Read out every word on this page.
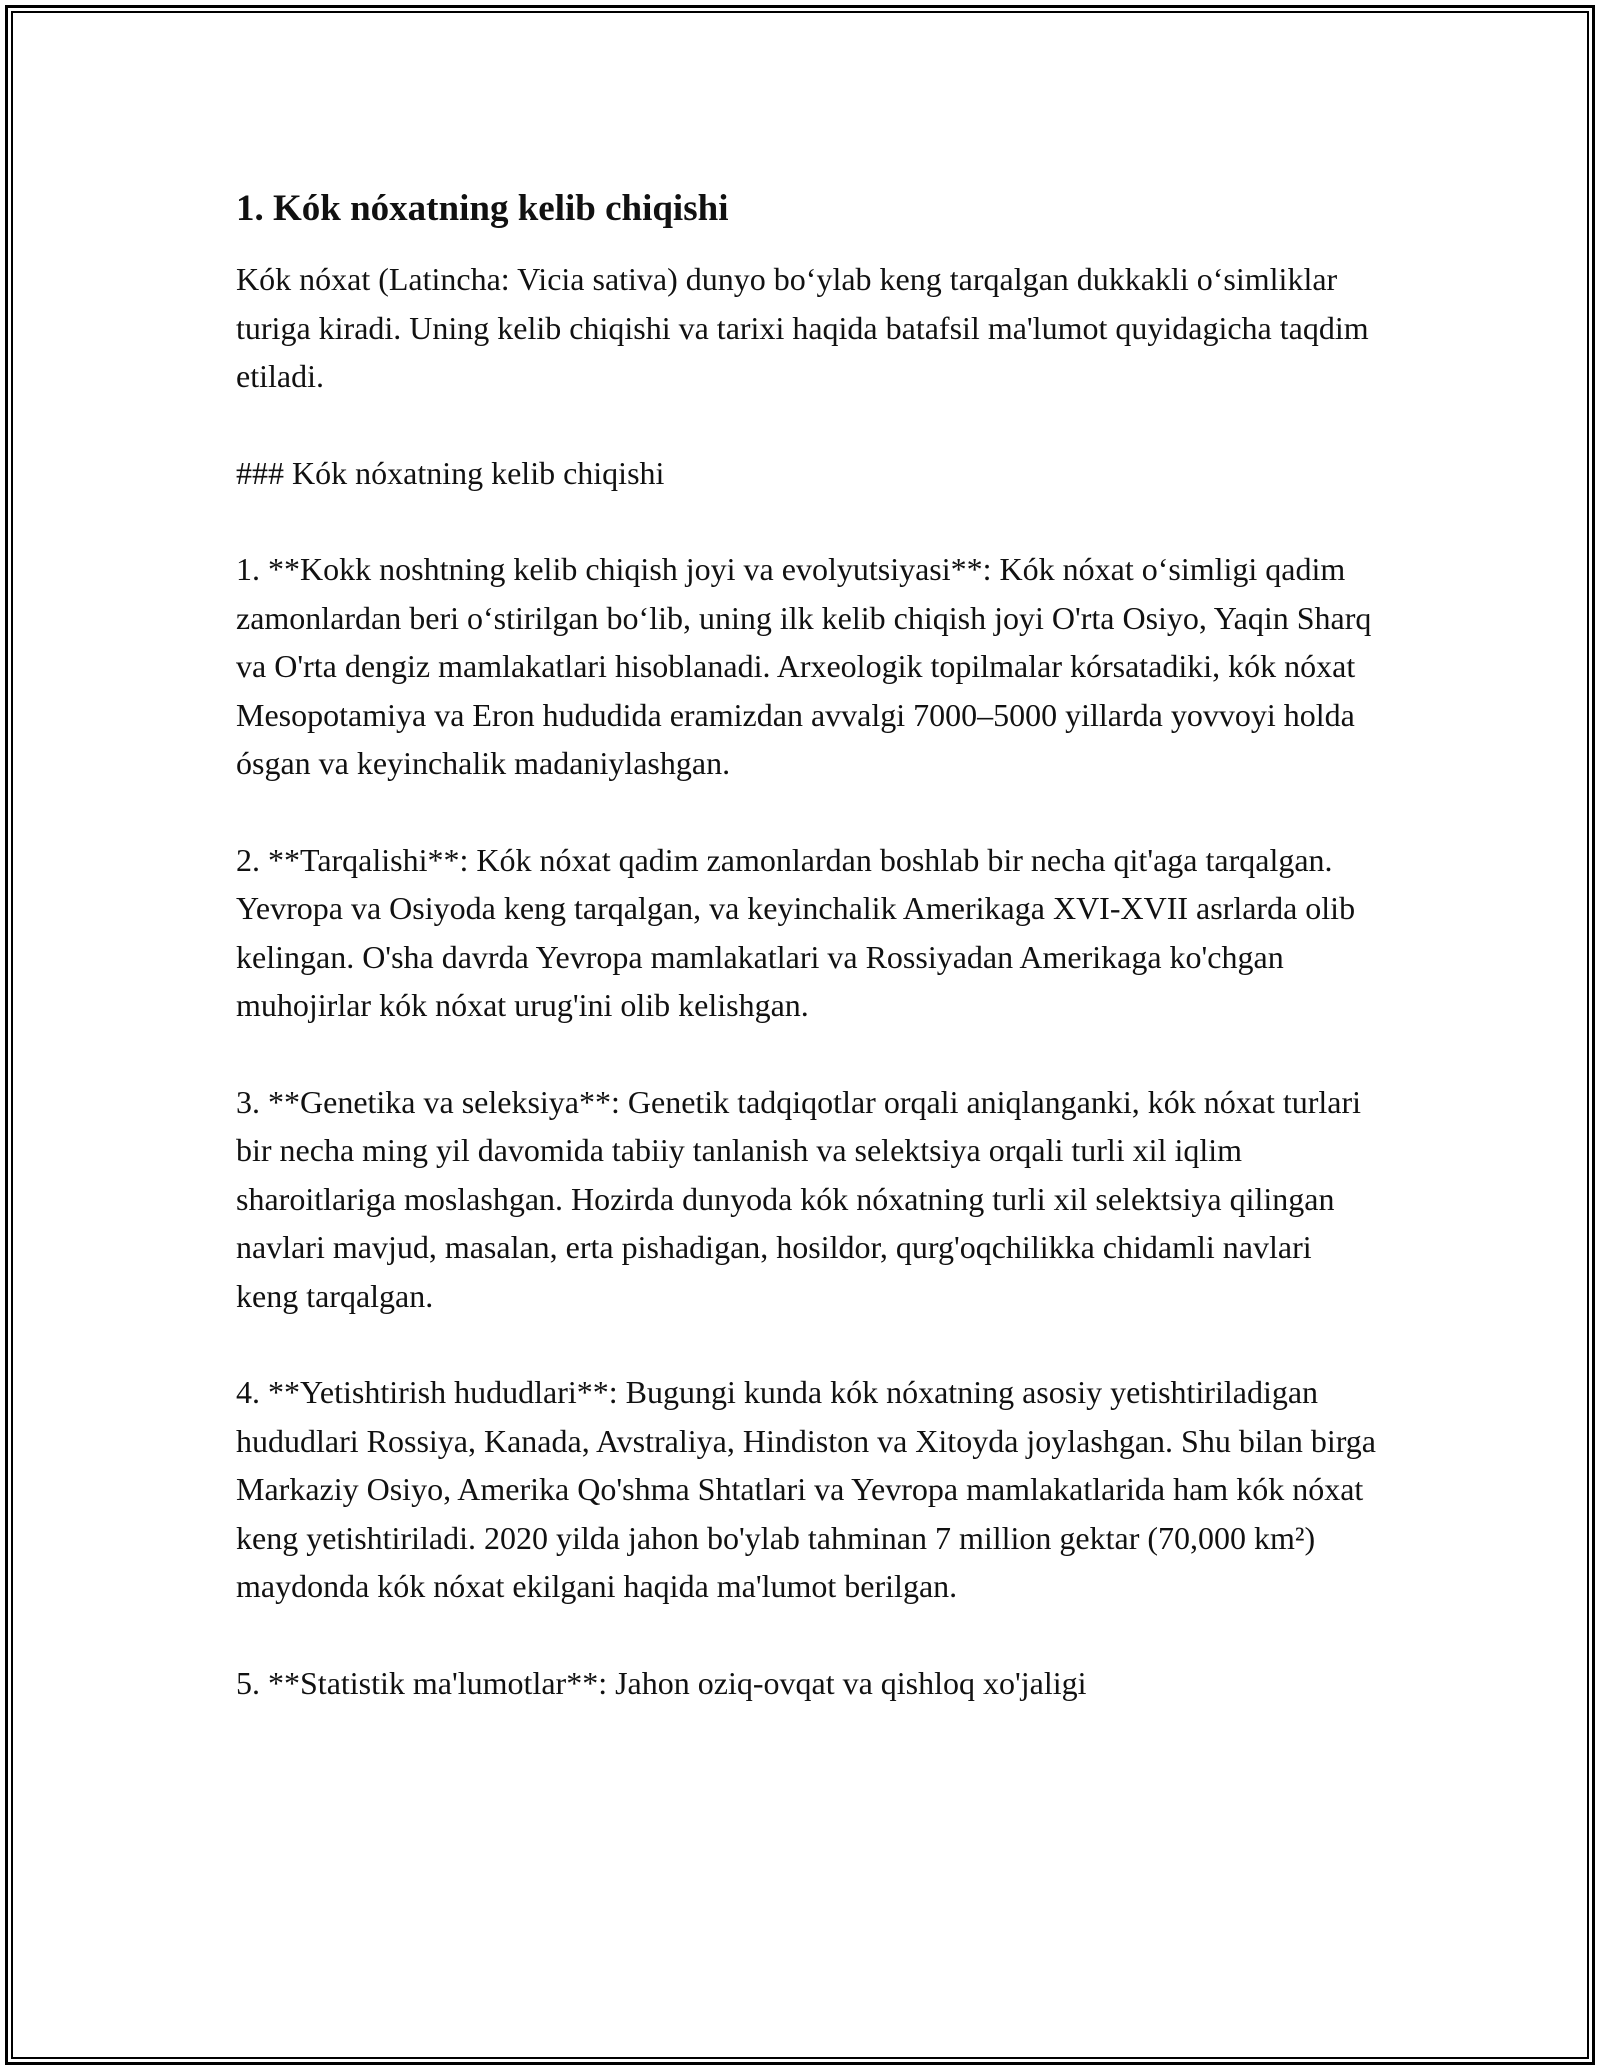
1. Kók nóxatning kelib chiqishi

Kók nóxat (Latincha: Vicia sativa) dunyo bo‘ylab keng tarqalgan dukkakli o‘simliklar turiga kiradi. Uning kelib chiqishi va tarixi haqida batafsil ma'lumot quyidagicha taqdim etiladi.

### Kók nóxatning kelib chiqishi

1. **Kokk noshtning kelib chiqish joyi va evolyutsiyasi**: Kók nóxat o‘simligi qadim zamonlardan beri o‘stirilgan bo‘lib, uning ilk kelib chiqish joyi O'rta Osiyo, Yaqin Sharq va O'rta dengiz mamlakatlari hisoblanadi. Arxeologik topilmalar kórsatadiki, kók nóxat Mesopotamiya va Eron hududida eramizdan avvalgi 7000–5000 yillarda yovvoyi holda ósgan va keyinchalik madaniylashgan.

2. **Tarqalishi**: Kók nóxat qadim zamonlardan boshlab bir necha qit'aga tarqalgan. Yevropa va Osiyoda keng tarqalgan, va keyinchalik Amerikaga XVI-XVII asrlarda olib kelingan. O'sha davrda Yevropa mamlakatlari va Rossiyadan Amerikaga ko'chgan muhojirlar kók nóxat urug'ini olib kelishgan.

3. **Genetika va seleksiya**: Genetik tadqiqotlar orqali aniqlanganki, kók nóxat turlari bir necha ming yil davomida tabiiy tanlanish va selektsiya orqali turli xil iqlim sharoitlariga moslashgan. Hozirda dunyoda kók nóxatning turli xil selektsiya qilingan navlari mavjud, masalan, erta pishadigan, hosildor, qurg'oqchilikka chidamli navlari keng tarqalgan.

4. **Yetishtirish hududlari**: Bugungi kunda kók nóxatning asosiy yetishtiriladigan hududlari Rossiya, Kanada, Avstraliya, Hindiston va Xitoyda joylashgan. Shu bilan birga Markaziy Osiyo, Amerika Qo'shma Shtatlari va Yevropa mamlakatlarida ham kók nóxat keng yetishtiriladi. 2020 yilda jahon bo'ylab tahminan 7 million gektar (70,000 km²) maydonda kók nóxat ekilgani haqida ma'lumot berilgan.

5. **Statistik ma'lumotlar**: Jahon oziq-ovqat va qishloq xo'jaligi
